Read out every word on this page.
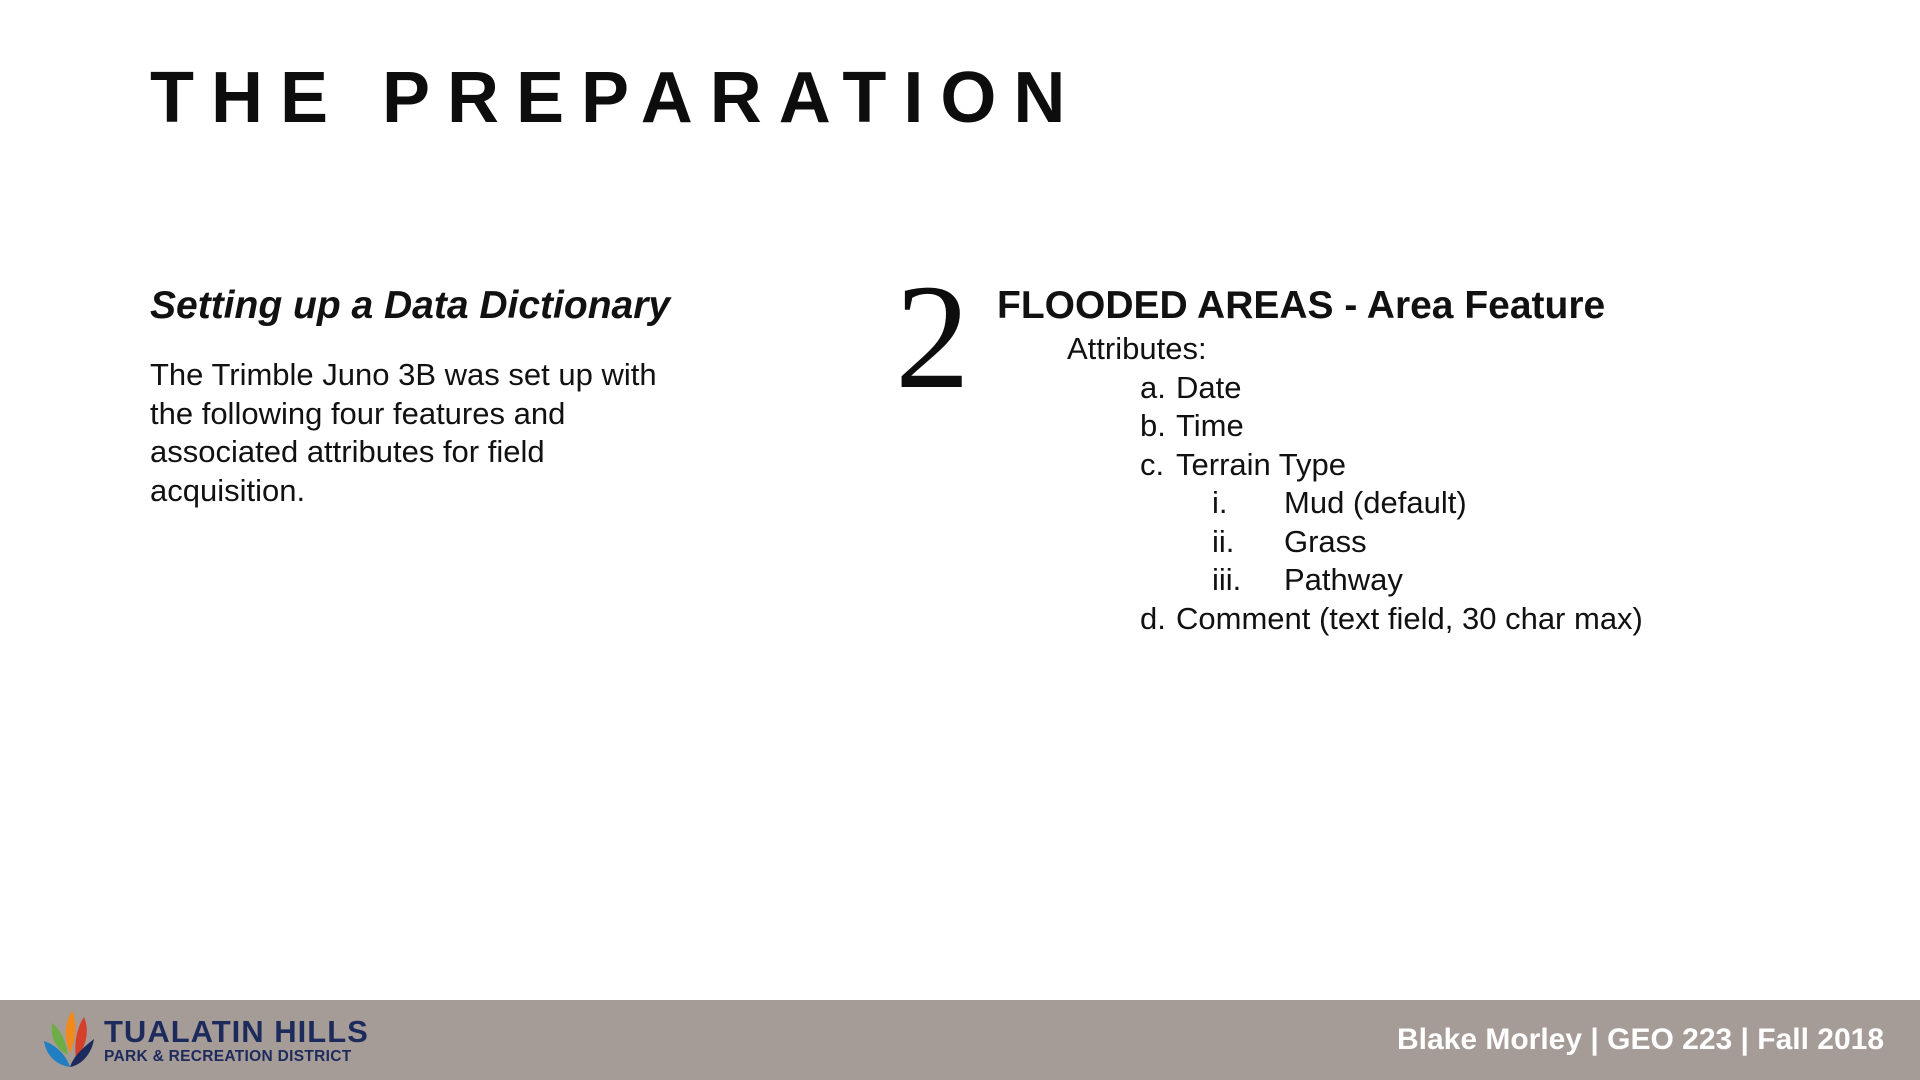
THE PREPARATION
Setting up a Data Dictionary

The Trimble Juno 3B was set up with the following four features and associated attributes for field acquisition.

2 FLOODED AREAS - Area Feature

Attributes:

a. Date
b. Time
c. Terrain Type
i. Mud (default)
ii. Grass
iii. Pathway
d. Comment (text field, 30 char max)
TUALATIN HILLS
PARK & RECREATION DISTRICT

Blake Morley | GEO 223 | Fall 2018
